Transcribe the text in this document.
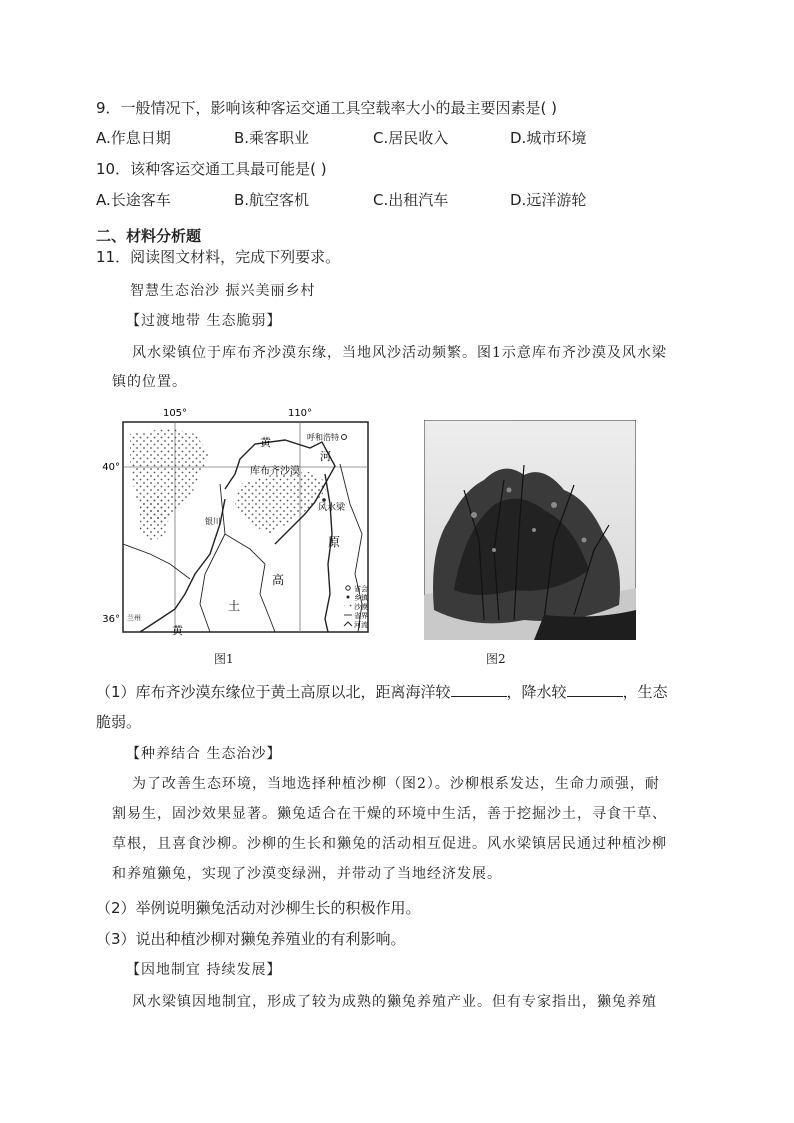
9．一般情况下，影响该种客运交通工具空载率大小的最主要因素是( )
A.作息日期	B.乘客职业	C.居民收入	D.城市环境
10．该种客运交通工具最可能是( )
A.长途客车	B.航空客机	C.出租汽车	D.远洋游轮
二、材料分析题
11．阅读图文材料，完成下列要求。
智慧生态治沙 振兴美丽乡村
【过渡地带 生态脆弱】
风水梁镇位于库布齐沙漠东缘，当地风沙活动频繁。图1示意库布齐沙漠及风水梁
镇的位置。
105°	110°
40°
36°
呼和浩特
库布齐沙漠
风水梁
银川
兰州
黄
河
原
高
土
黄
省会
乡镇
沙漠
省界
河流
图1	图2
（1）库布齐沙漠东缘位于黄土高原以北，距离海洋较	，降水较	，生态
脆弱。
【种养结合 生态治沙】
为了改善生态环境，当地选择种植沙柳（图2）。沙柳根系发达，生命力顽强，耐
割易生，固沙效果显著。獭兔适合在干燥的环境中生活，善于挖掘沙土，寻食干草、
草根，且喜食沙柳。沙柳的生长和獭兔的活动相互促进。风水梁镇居民通过种植沙柳
和养殖獭兔，实现了沙漠变绿洲，并带动了当地经济发展。
（2）举例说明獭兔活动对沙柳生长的积极作用。
（3）说出种植沙柳对獭兔养殖业的有利影响。
【因地制宜 持续发展】
风水梁镇因地制宜，形成了较为成熟的獭兔养殖产业。但有专家指出，獭兔养殖
